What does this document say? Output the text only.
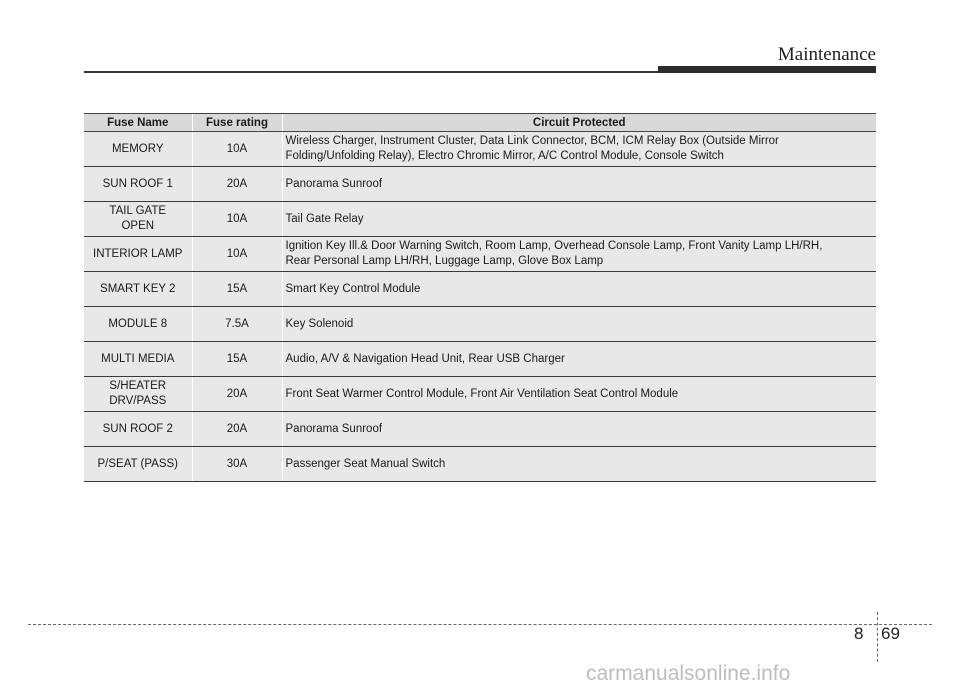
Maintenance
Fuse Name	Fuse rating	Circuit Protected

MEMORY	10A	Wireless Charger, Instrument Cluster, Data Link Connector, BCM, ICM Relay Box (Outside Mirror
Folding/Unfolding Relay), Electro Chromic Mirror, A/C Control Module, Console Switch

SUN ROOF 1	20A	Panorama Sunroof

TAIL GATE
OPEN	10A	Tail Gate Relay

INTERIOR LAMP	10A	Ignition Key Ill.& Door Warning Switch, Room Lamp, Overhead Console Lamp, Front Vanity Lamp LH/RH,
Rear Personal Lamp LH/RH, Luggage Lamp, Glove Box Lamp

SMART KEY 2	15A	Smart Key Control Module

MODULE 8	7.5A	Key Solenoid

MULTI MEDIA	15A	Audio, A/V & Navigation Head Unit, Rear USB Charger

S/HEATER
DRV/PASS	20A	Front Seat Warmer Control Module, Front Air Ventilation Seat Control Module

SUN ROOF 2	20A	Panorama Sunroof

P/SEAT (PASS)	30A	Passenger Seat Manual Switch
8 69
carmanualsonline.info
